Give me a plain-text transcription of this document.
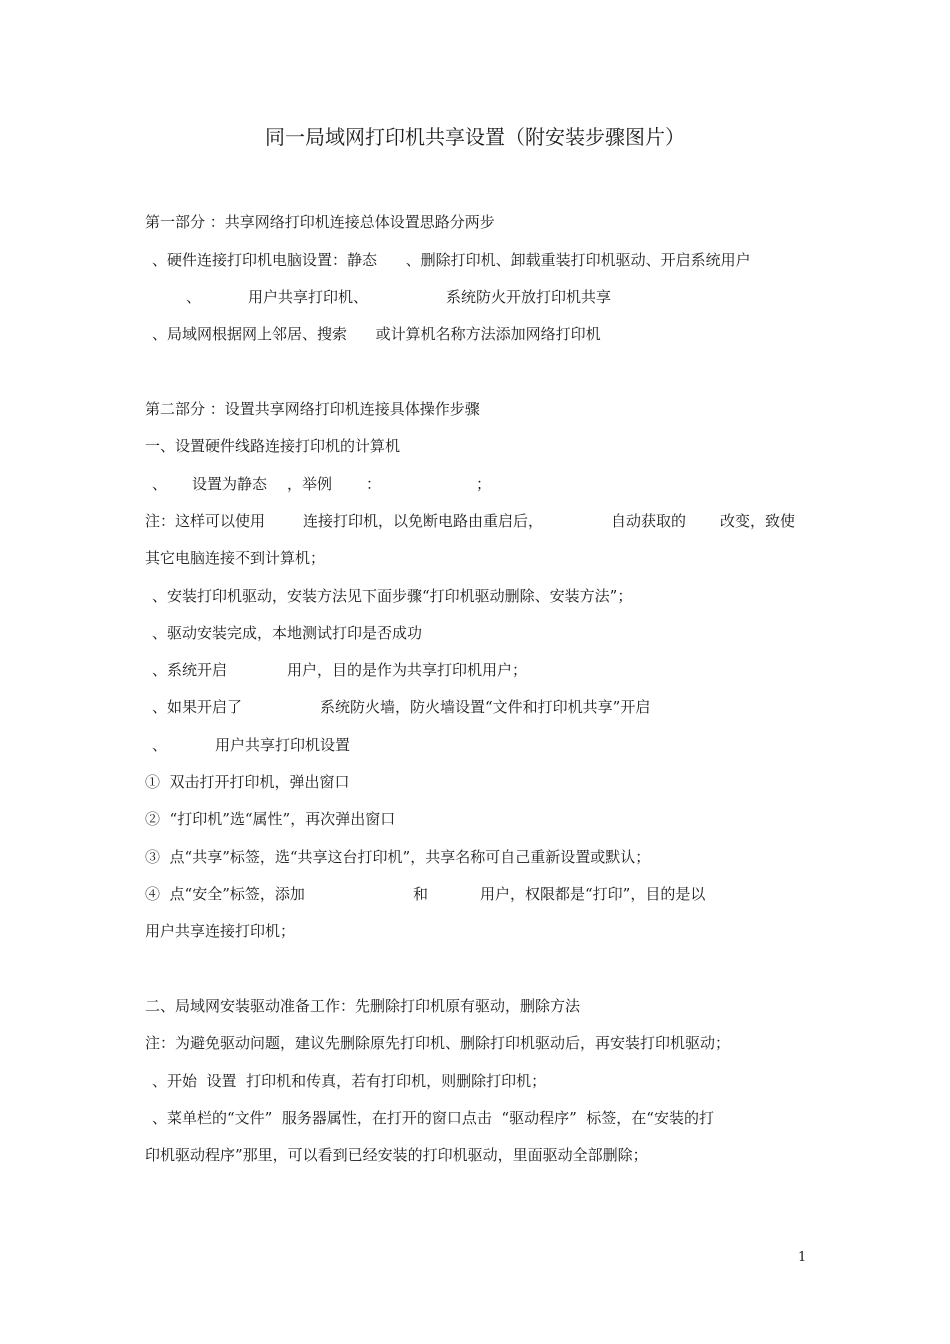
同一局域网打印机共享设置（附安装步骤图片）

第一部分 ：共享网络打印机连接总体设置思路分两步

、硬件连接打印机电脑设置：静态      、删除打印机、卸载重装打印机驱动、开启系统用户

、	用户共享打印机、	系统防火开放打印机共享

、局域网根据网上邻居、搜索      或计算机名称方法添加网络打印机

第二部分 ：设置共享网络打印机连接具体操作步骤

一、设置硬件线路连接打印机的计算机

、 设置为静态 ，举例 ：	；

注：这样可以使用	连接打印机，以免断电路由重启后，	自动获取的 改变，致使

其它电脑连接不到计算机；

、安装打印机驱动，安装方法见下面步骤“打印机驱动删除、安装方法”；

、驱动安装完成，本地测试打印是否成功

、系统开启	用户，目的是作为共享打印机用户；

、如果开启了	系统防火墙，防火墙设置“文件和打印机共享”开启

、	用户共享打印机设置

①  双击打开打印机，弹出窗口

②  “打印机”选“属性”，再次弹出窗口

③  点“共享”标签，选“共享这台打印机”，共享名称可自己重新设置或默认；

④  点“安全”标签，添加	和	用户，权限都是“打印”，目的是以

用户共享连接打印机；

二、局域网安装驱动准备工作：先删除打印机原有驱动，删除方法

注：为避免驱动问题，建议先删除原先打印机、删除打印机驱动后，再安装打印机驱动；

、开始  设置  打印机和传真，若有打印机，则删除打印机；

、菜单栏的“文件”  服务器属性，在打开的窗口点击  “驱动程序”  标签，在“安装的打

印机驱动程序”那里，可以看到已经安装的打印机驱动，里面驱动全部删除；

1
